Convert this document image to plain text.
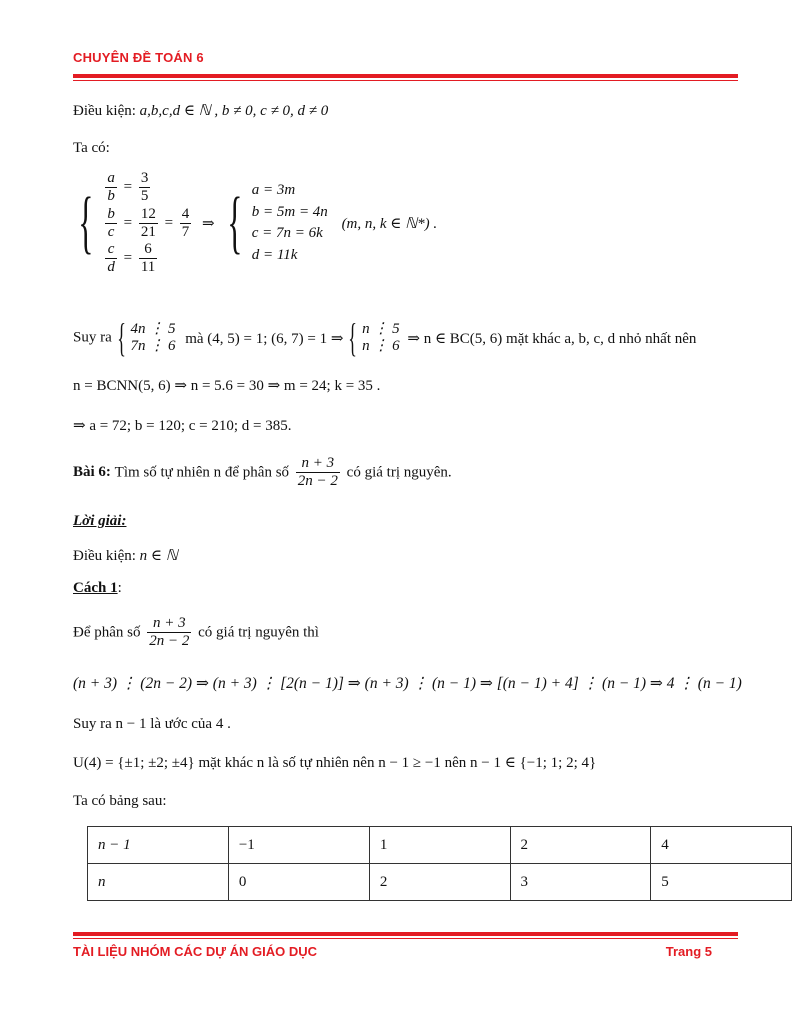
CHUYÊN ĐỀ TOÁN 6
Điều kiện: a,b,c,d ∈ ℕ , b ≠ 0, c ≠ 0, d ≠ 0
Ta có:
{ $\frac{a}{b} = \frac{3}{5}$
$\frac{b}{c} = \frac{12}{21} = \frac{4}{7}$
$\frac{c}{d} = \frac{6}{11}$
⇒ { a = 3m
b = 5m = 4n
c = 7n = 6k
d = 11k
(m, n, k ∈ ℕ*) .
Suy ra { 4n ⋮ 5
7n ⋮ 6 mà (4, 5) = 1; (6, 7) = 1 ⇒ { n ⋮ 5
n ⋮ 6 ⇒ n ∈ BC(5, 6) mặt khác a, b, c, d nhỏ nhất nên
n = BCNN(5, 6) ⇒ n = 5.6 = 30 ⇒ m = 24; k = 35 .
⇒ a = 72; b = 120; c = 210; d = 385.
Bài 6: Tìm số tự nhiên n để phân số $\frac{n + 3}{2n - 2}$ có giá trị nguyên.
Lời giải:
Điều kiện: n ∈ ℕ
Cách 1:
Để phân số $\frac{n + 3}{2n - 2}$ có giá trị nguyên thì
(n + 3) ⋮ (2n − 2) ⇒ (n + 3) ⋮ [2(n − 1)] ⇒ (n + 3) ⋮ (n − 1) ⇒ [(n − 1) + 4] ⋮ (n − 1) ⇒ 4 ⋮ (n − 1)
Suy ra n − 1 là ước của 4 .
U(4) = {±1; ±2; ±4} mặt khác n là số tự nhiên nên n − 1 ≥ −1 nên n − 1 ∈ {−1; 1; 2; 4}
Ta có bảng sau:
n − 1	−1	1	2	4
n	0	2	3	5
TÀI LIỆU NHÓM CÁC DỰ ÁN GIÁO DỤC	Trang 5
